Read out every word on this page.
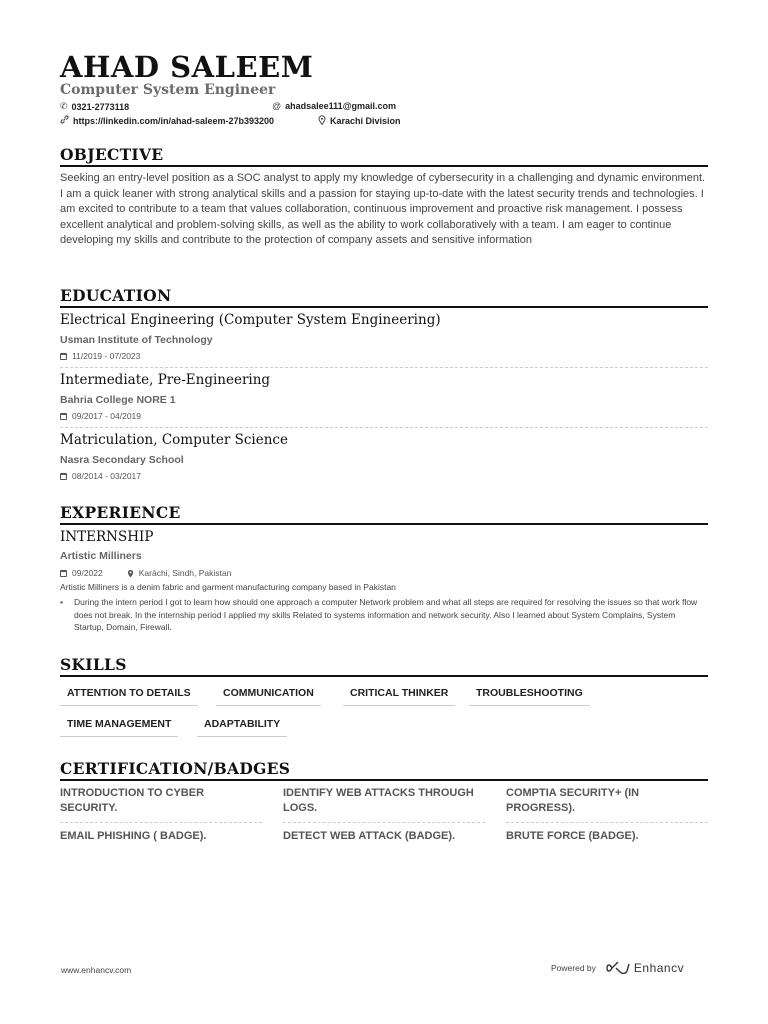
AHAD SALEEM
Computer System Engineer
✆ 0321-2773118	@ ahadsalee111@gmail.com
https://linkedin.com/in/ahad-saleem-27b393200	Karachi Division
OBJECTIVE
Seeking an entry-level position as a SOC analyst to apply my knowledge of cybersecurity in a challenging and dynamic environment. I am a quick leaner with strong analytical skills and a passion for staying up-to-date with the latest security trends and technologies. I am excited to contribute to a team that values collaboration, continuous improvement and proactive risk management. I possess excellent analytical and problem-solving skills, as well as the ability to work collaboratively with a team. I am eager to continue developing my skills and contribute to the protection of company assets and sensitive information
EDUCATION
Electrical Engineering (Computer System Engineering)
Usman Institute of Technology
11/2019 - 07/2023
Intermediate, Pre-Engineering
Bahria College NORE 1
09/2017 - 04/2019
Matriculation, Computer Science
Nasra Secondary School
08/2014 - 03/2017
EXPERIENCE
INTERNSHIP
Artistic Milliners
09/2022	Karāchi, Sindh, Pakistan
Artistic Milliners is a denim fabric and garment manufacturing company based in Pakistan
• During the intern period I got to learn how should one approach a computer Network problem and what all steps are required for resolving the issues so that work flow does not break. In the internship period I applied my skills Related to systems information and network security. Also I learned about System Complains, System Startup, Domain, Firewall.
SKILLS
ATTENTION TO DETAILS	COMMUNICATION	CRITICAL THINKER	TROUBLESHOOTING
TIME MANAGEMENT	ADAPTABILITY
CERTIFICATION/BADGES
INTRODUCTION TO CYBER SECURITY.
IDENTIFY WEB ATTACKS THROUGH LOGS.
COMPTIA SECURITY+ (IN PROGRESS).
EMAIL PHISHING ( BADGE).	DETECT WEB ATTACK (BADGE).	BRUTE FORCE (BADGE).
www.enhancv.com	Powered by	Enhancv
